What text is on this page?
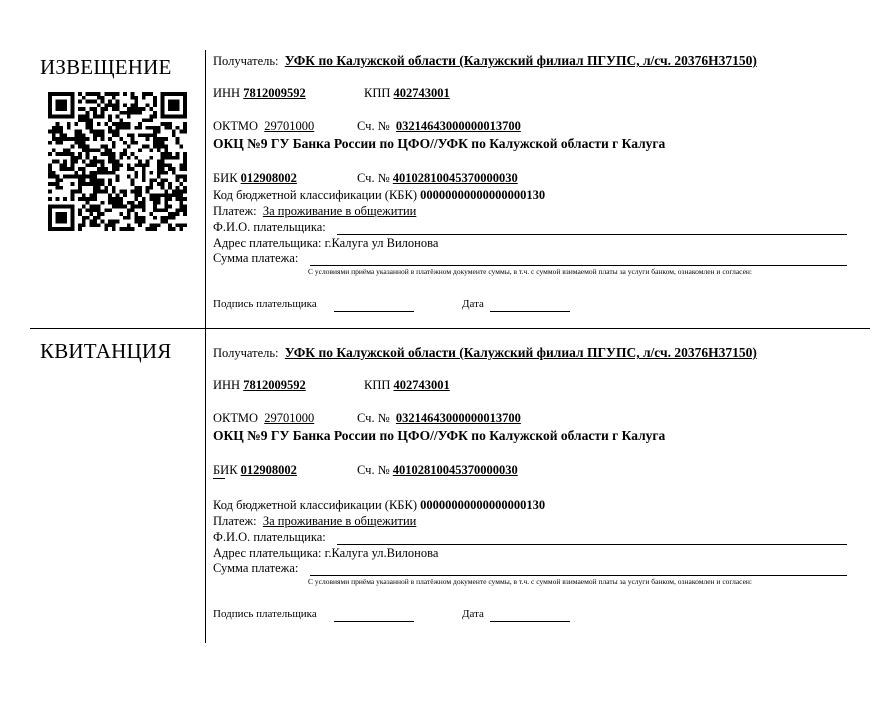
ИЗВЕЩЕНИЕ	Получатель: УФК по Калужской области (Калужский филиал ПГУПС, л/сч. 20376Н37150)
ИНН 7812009592	КПП 402743001
ОКТМО 29701000	Сч. № 03214643000000013700
ОКЦ №9 ГУ Банка России по ЦФО//УФК по Калужской области г Калуга
БИК 012908002	Сч. № 40102810045370000030
Код бюджетной классификации (КБК) 00000000000000000130
Платеж: За проживание в общежитии
Ф.И.О. плательщика:
Адрес плательщика: г.Калуга ул Вилонова
Сумма платежа:
С условиями приёма указанной в платёжном документе суммы, в т.ч. с суммой взимаемой платы за услуги банком, ознакомлен и согласен:
Подпись плательщика	Дата
КВИТАНЦИЯ	Получатель: УФК по Калужской области (Калужский филиал ПГУПС, л/сч. 20376Н37150)
ИНН 7812009592	КПП 402743001
ОКТМО 29701000	Сч. № 03214643000000013700
ОКЦ №9 ГУ Банка России по ЦФО//УФК по Калужской области г Калуга
БИК 012908002	Сч. № 40102810045370000030
Код бюджетной классификации (КБК) 00000000000000000130
Платеж: За проживание в общежитии
Ф.И.О. плательщика:
Адрес плательщика: г.Калуга ул.Вилонова
Сумма платежа:
С условиями приёма указанной в платёжном документе суммы, в т.ч. с суммой взимаемой платы за услуги банком, ознакомлен и согласен:
Подпись плательщика	Дата
